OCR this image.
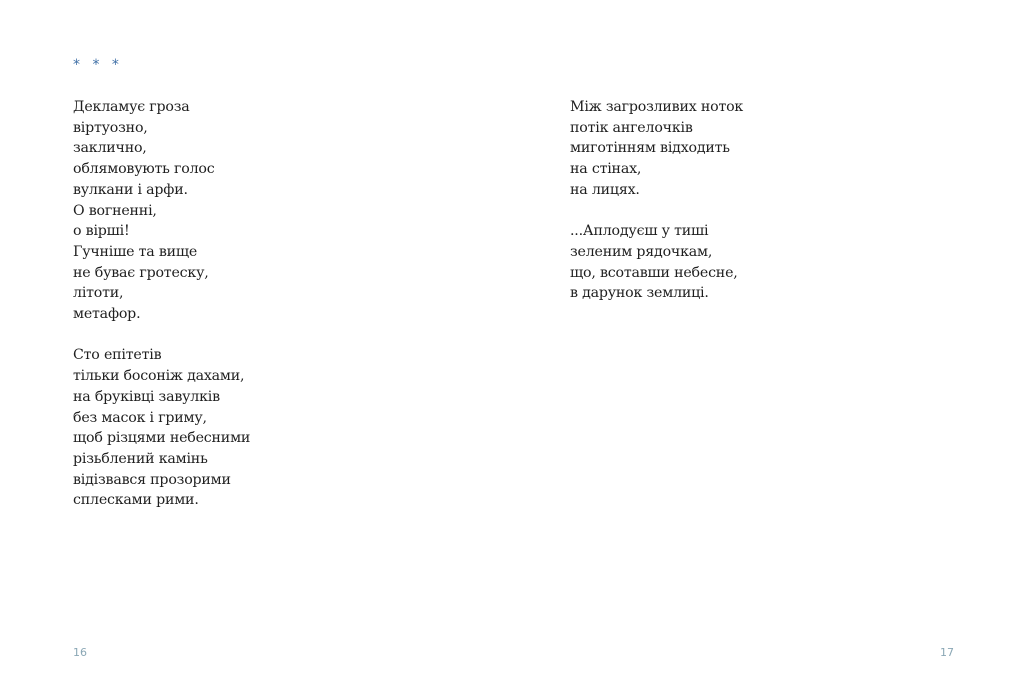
* * *
Декламує гроза
віртуозно,
заклично,
облямовують голос
вулкани і арфи.
О вогненні,
о вірші!
Гучніше та вище
не буває гротеску,
літоти,
метафор.
Сто епітетів
тільки босоніж дахами,
на бруківці завулків
без масок і гриму,
щоб різцями небесними
різьблений камінь
відізвався прозорими
сплесками рими.
16
Між загрозливих ноток
потік ангелочків
миготінням відходить
на стінах,
на лицях.
...Аплодуєш у тиші
зеленим рядочкам,
що, всотавши небесне,
в дарунок землиці.
17
